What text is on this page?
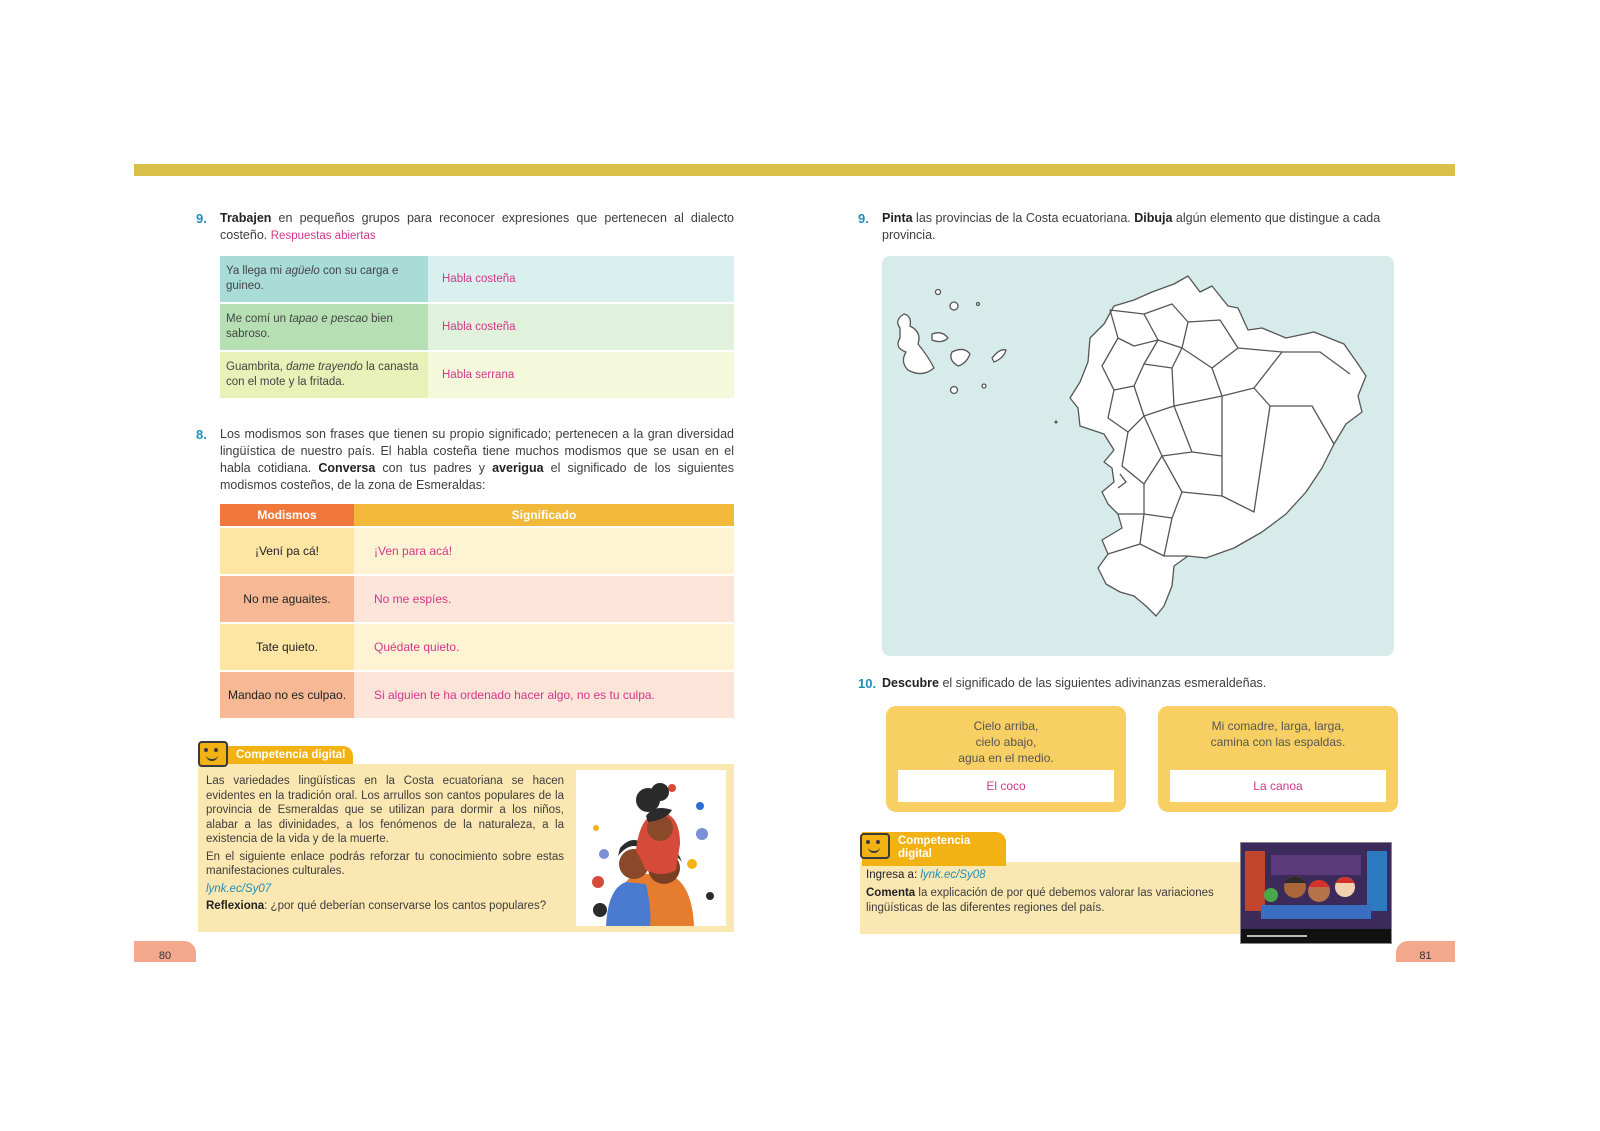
9. Trabajen en pequeños grupos para reconocer expresiones que pertenecen al dialecto costeño. Respuestas abiertas
Ya llega mi agüelo con su carga e guineo.	Habla costeña
Me comí un tapao e pescao bien sabroso.	Habla costeña
Guambrita, dame trayendo la canasta con el mote y la fritada.	Habla serrana
8. Los modismos son frases que tienen su propio significado; pertenecen a la gran diversidad lingüística de nuestro país. El habla costeña tiene muchos modismos que se usan en el habla cotidiana. Conversa con tus padres y averigua el significado de los siguientes modismos costeños, de la zona de Esmeraldas:
Modismos	Significado
¡Vení pa cá!	¡Ven para acá!
No me aguaites.	No me espíes.
Tate quieto.	Quédate quieto.
Mandao no es culpao.	Si alguien te ha ordenado hacer algo, no es tu culpa.
Las variedades lingüísticas en la Costa ecuatoriana se hacen evidentes en la tradición oral. Los arrullos son cantos populares de la provincia de Esmeraldas que se utilizan para dormir a los niños, alabar a las divinidades, a los fenómenos de la naturaleza, a la existencia de la vida y de la muerte.
En el siguiente enlace podrás reforzar tu conocimiento sobre estas manifestaciones culturales.
lynk.ec/Sy07
Reflexiona: ¿por qué deberían conservarse los cantos populares?
Competencia digital
80
9. Pinta las provincias de la Costa ecuatoriana. Dibuja algún elemento que distingue a cada provincia.
10. Descubre el significado de las siguientes adivinanzas esmeraldeñas.
Cielo arriba,
cielo abajo,
agua en el medio.
El coco
Mi comadre, larga, larga,
camina con las espaldas.
La canoa
Ingresa a: lynk.ec/Sy08
Comenta la explicación de por qué debemos valorar las variaciones lingüísticas de las diferentes regiones del país.
Competencia
digital
81
